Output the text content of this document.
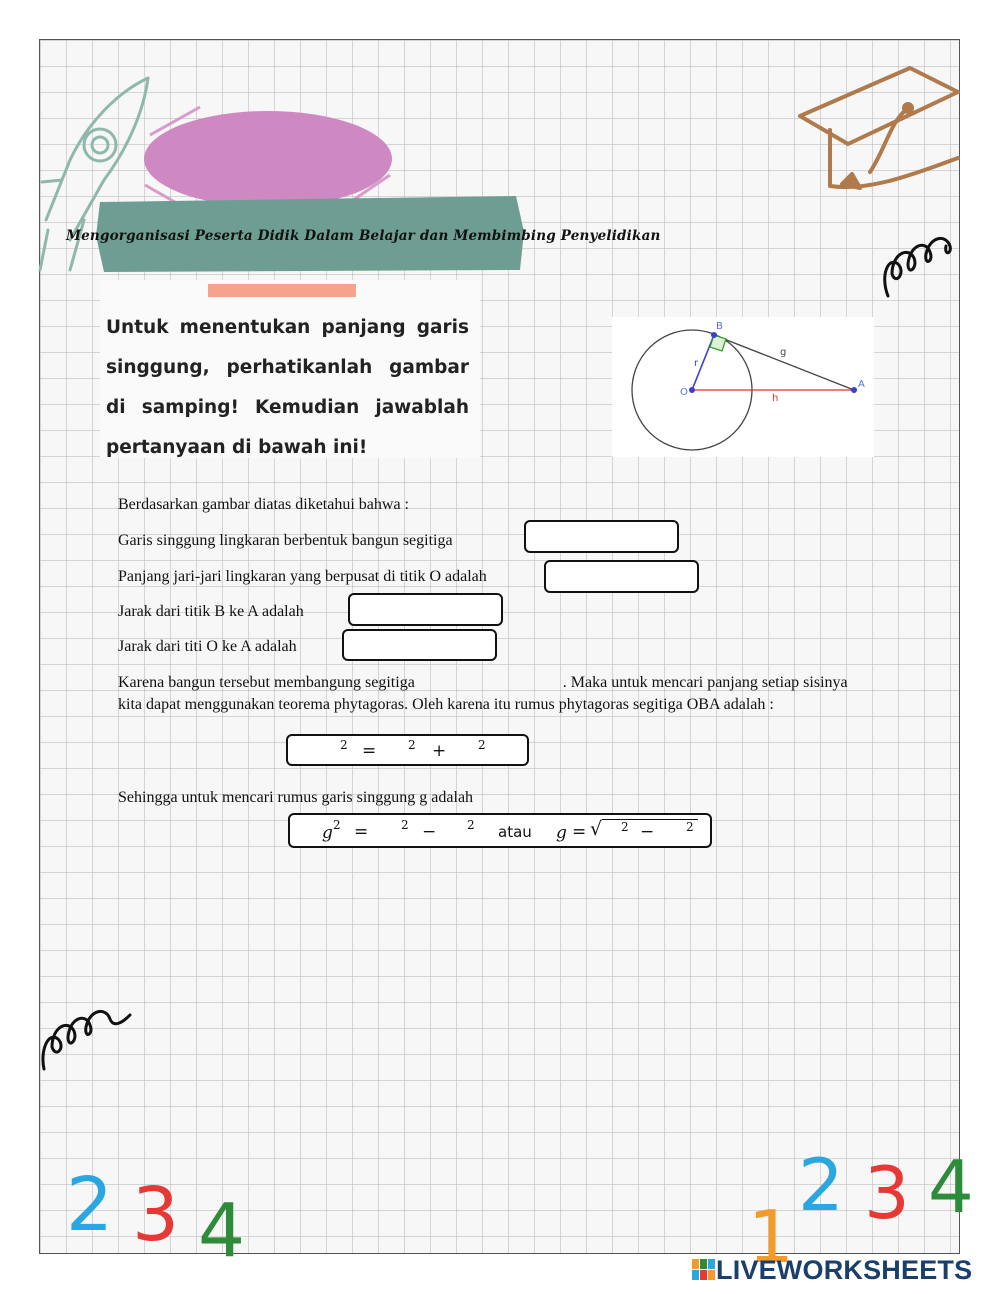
Mengorganisasi Peserta Didik Dalam Belajar dan Membimbing Penyelidikan
Untuk menentukan panjang garis singgung, perhatikanlah gambar di samping! Kemudian jawablah pertanyaan di bawah ini!
B
O
A
r
g
h
Berdasarkan gambar diatas diketahui bahwa :
Garis singgung lingkaran berbentuk bangun segitiga
Panjang jari-jari lingkaran yang berpusat di titik O adalah
Jarak dari titik B ke A adalah
Jarak dari titi O ke A adalah
Karena bangun tersebut membangung segitiga	. Maka untuk mencari panjang setiap sisinya kita dapat menggunakan teorema phytagoras. Oleh karena itu rumus phytagoras segitiga OBA adalah :
2 =	2 +	2
Sehingga untuk mencari rumus garis singgung g adalah
g 2 =	2 −	2 atau g = √ 2 −	2
2 3 4	1
2 3 4
LIVEWORKSHEETS
